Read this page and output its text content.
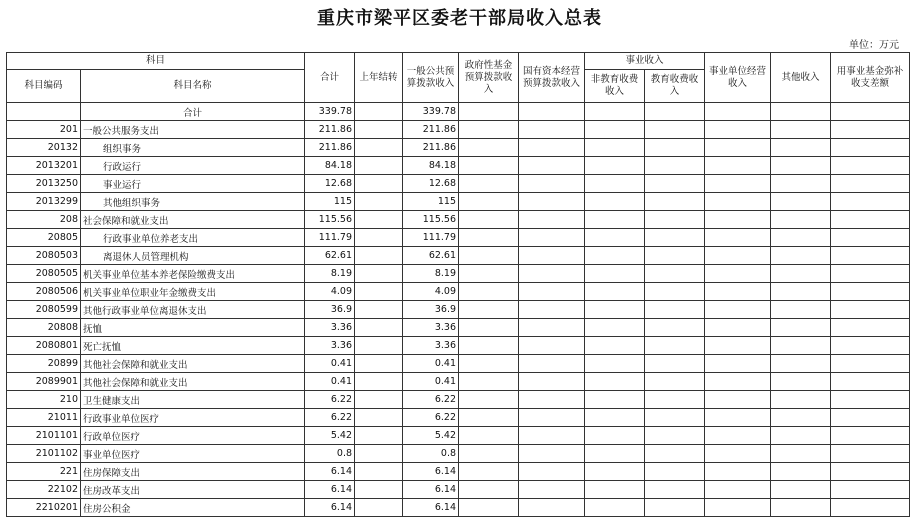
重庆市梁平区委老干部局收入总表
单位：万元
科目		合计	上年结转	一般公共预算拨款收入	政府性基金预算拨款收入	国有资本经营预算拨款收入	事业收入		事业单位经营收入	其他收入	用事业基金弥补收支差额
科目编码	科目名称						非教育收费收入	教育收费收入			
	合计	339.78		339.78							
201	一般公共服务支出	211.86		211.86							
20132	组织事务	211.86		211.86							
2013201	行政运行	84.18		84.18							
2013250	事业运行	12.68		12.68							
2013299	其他组织事务	115		115							
208	社会保障和就业支出	115.56		115.56							
20805	行政事业单位养老支出	111.79		111.79							
2080503	离退休人员管理机构	62.61		62.61							
2080505	机关事业单位基本养老保险缴费支出	8.19		8.19							
2080506	机关事业单位职业年金缴费支出	4.09		4.09							
2080599	其他行政事业单位离退休支出	36.9		36.9							
20808	抚恤	3.36		3.36							
2080801	死亡抚恤	3.36		3.36							
20899	其他社会保障和就业支出	0.41		0.41							
2089901	其他社会保障和就业支出	0.41		0.41							
210	卫生健康支出	6.22		6.22							
21011	行政事业单位医疗	6.22		6.22							
2101101	行政单位医疗	5.42		5.42							
2101102	事业单位医疗	0.8		0.8							
221	住房保障支出	6.14		6.14							
22102	住房改革支出	6.14		6.14							
2210201	住房公积金	6.14		6.14							
